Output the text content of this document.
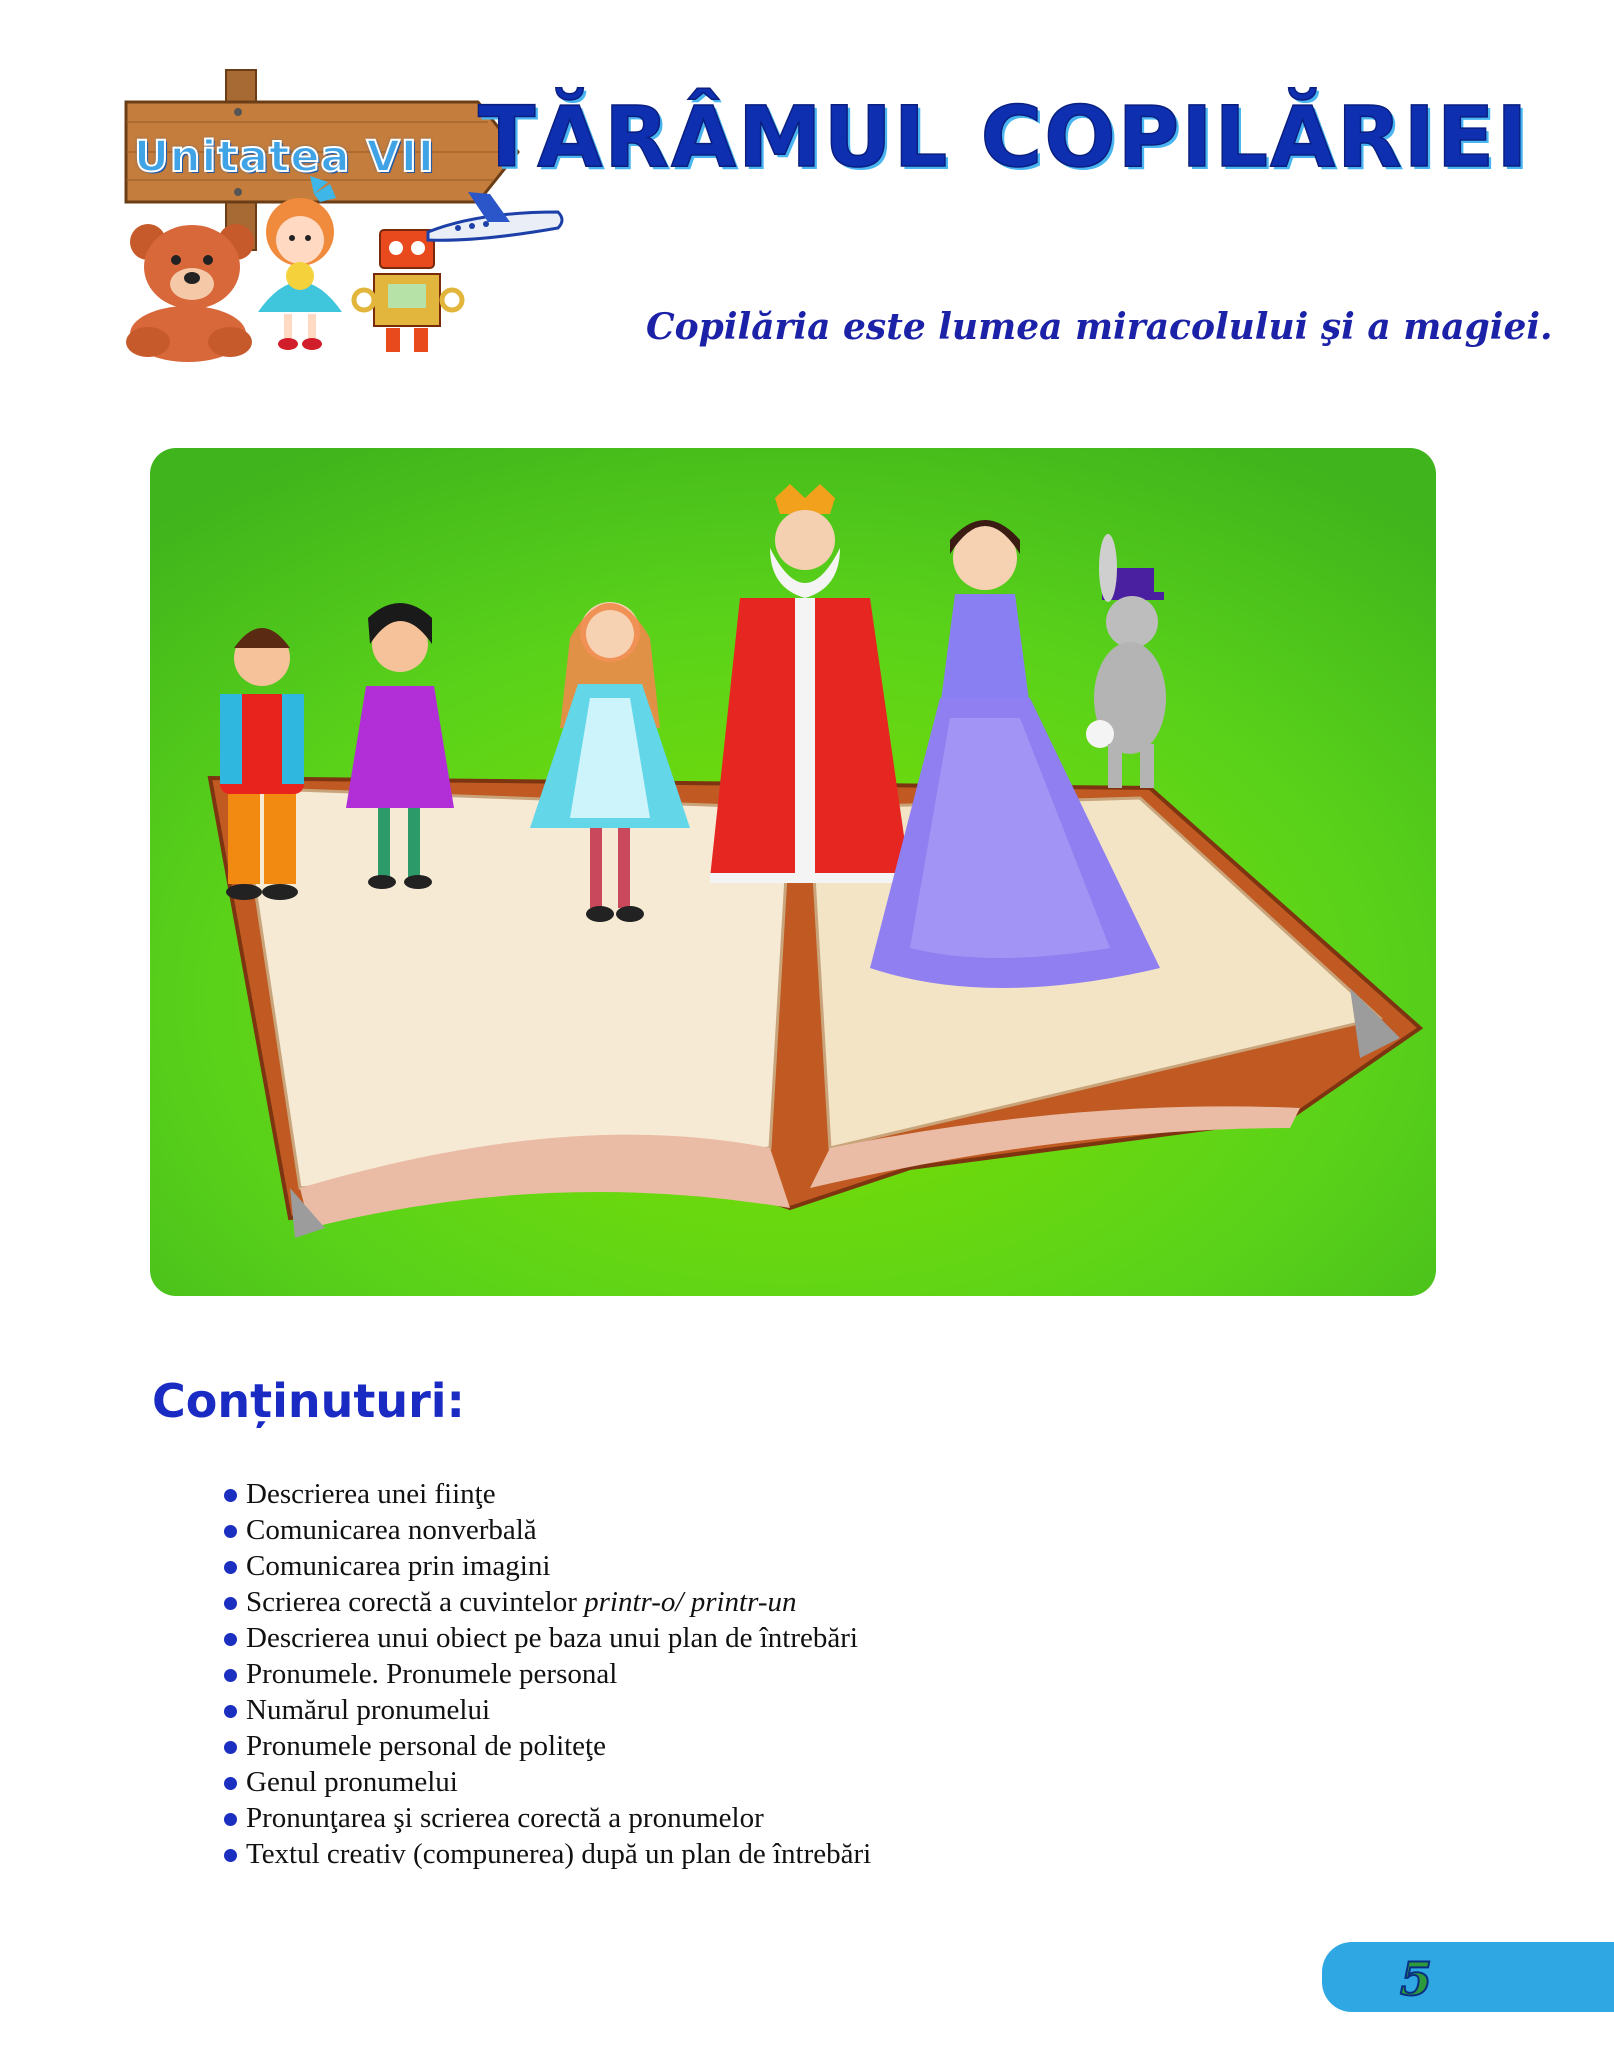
Unitatea VII TĂRÂMUL COPILĂRIEI
Copilăria este lumea miracolului şi a magiei.
Conținuturi:
Descrierea unei fiinţe
Comunicarea nonverbală
Comunicarea prin imagini
Scrierea corectă a cuvintelor printr-o/ printr-un
Descrierea unui obiect pe baza unui plan de întrebări
Pronumele. Pronumele personal
Numărul pronumelui
Pronumele personal de politeţe
Genul pronumelui
Pronunţarea şi scrierea corectă a pronumelor
Textul creativ (compunerea) după un plan de întrebări
5
